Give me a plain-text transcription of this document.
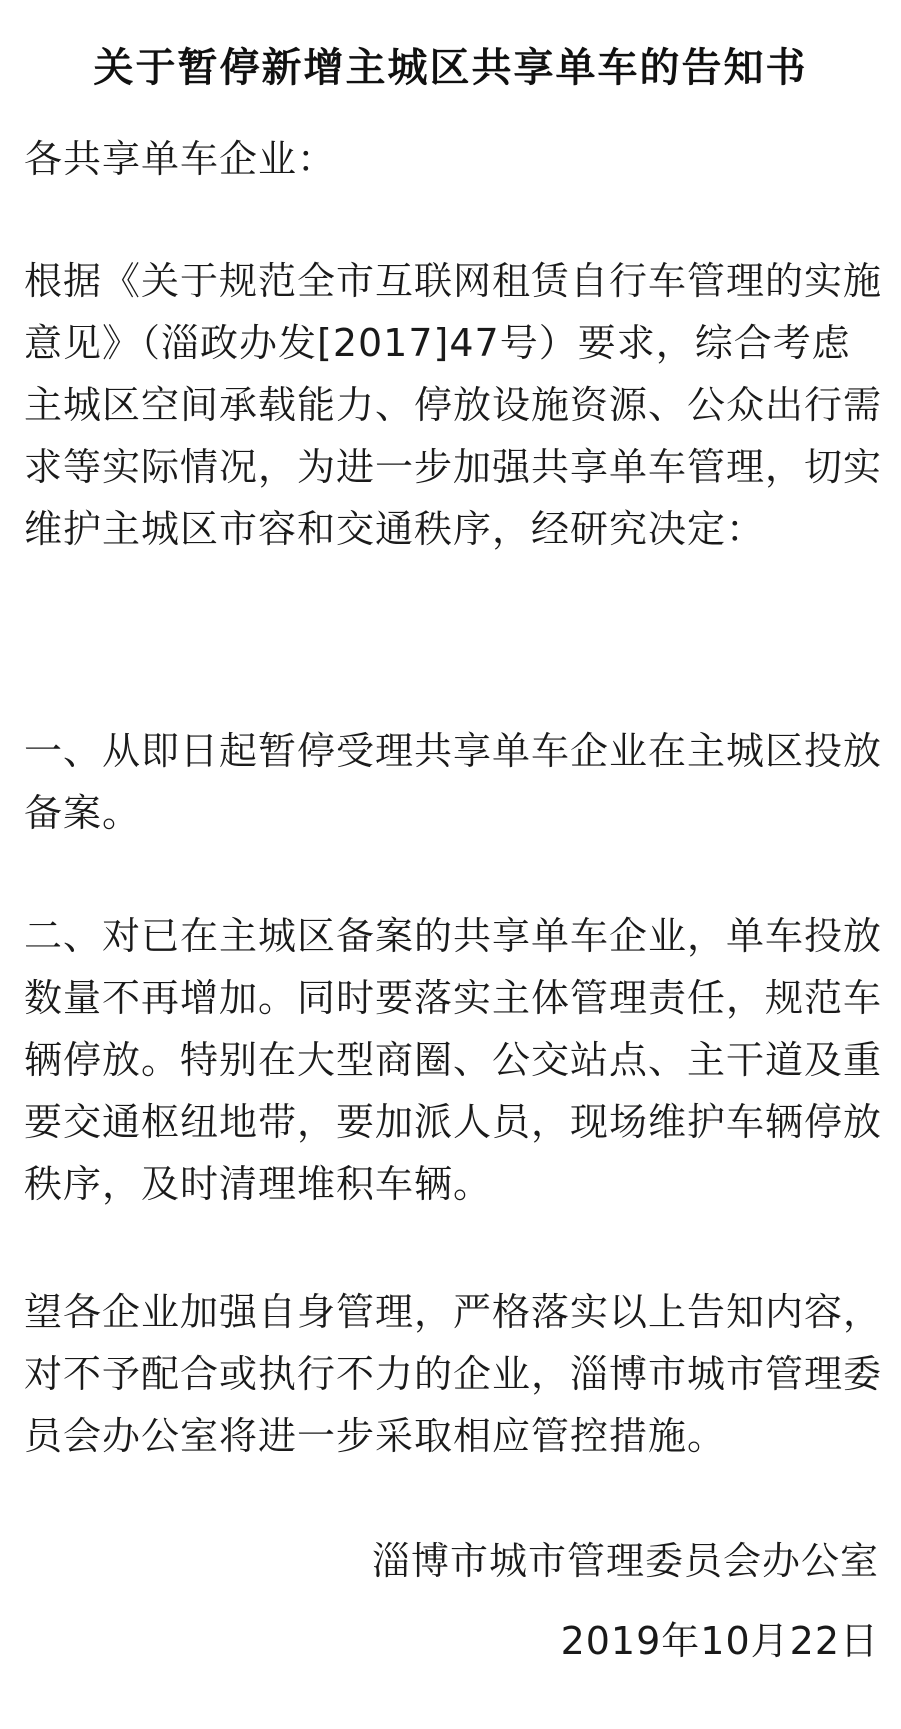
关于暂停新增主城区共享单车的告知书

各共享单车企业：

根据《关于规范全市互联网租赁自行车管理的实施意见》（淄政办发[2017]47号）要求，综合考虑主城区空间承载能力、停放设施资源、公众出行需求等实际情况，为进一步加强共享单车管理，切实维护主城区市容和交通秩序，经研究决定：

一、从即日起暂停受理共享单车企业在主城区投放备案。

二、对已在主城区备案的共享单车企业，单车投放数量不再增加。同时要落实主体管理责任，规范车辆停放。特别在大型商圈、公交站点、主干道及重要交通枢纽地带，要加派人员，现场维护车辆停放秩序，及时清理堆积车辆。

望各企业加强自身管理，严格落实以上告知内容，对不予配合或执行不力的企业，淄博市城市管理委员会办公室将进一步采取相应管控措施。

淄博市城市管理委员会办公室
2019年10月22日
